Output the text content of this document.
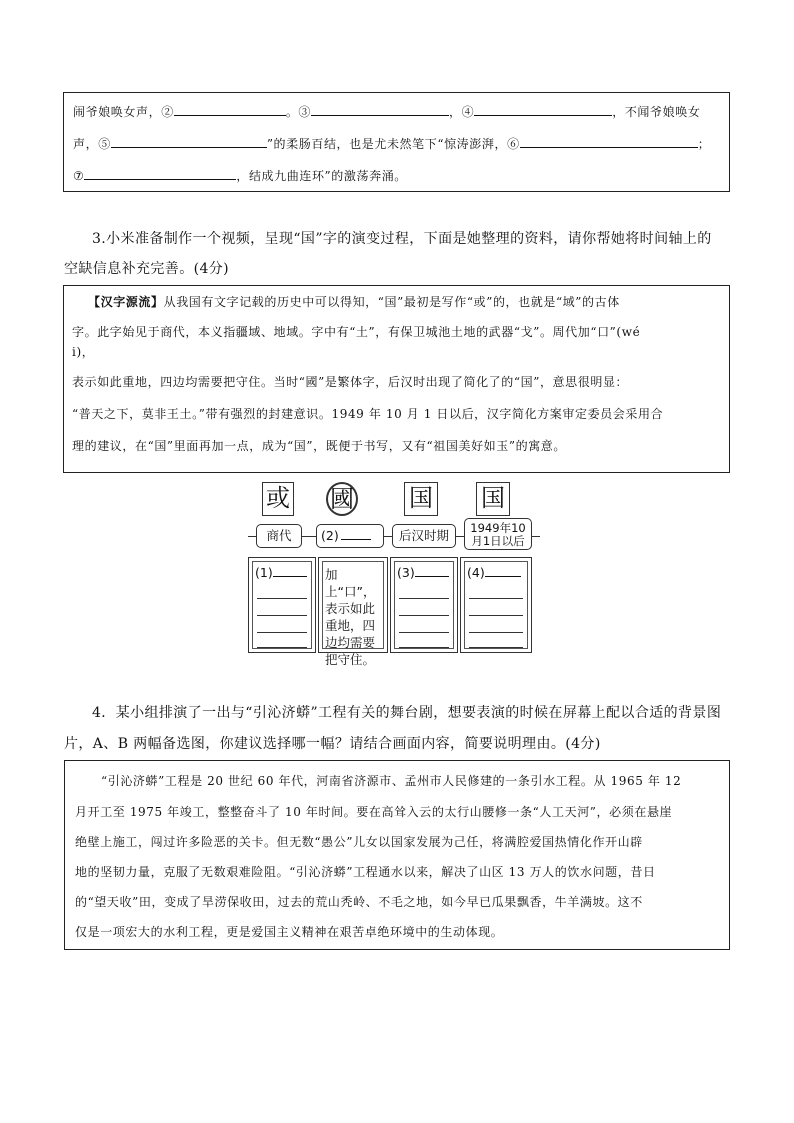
闹爷娘唤女声，②	。③	，④	，不闻爷娘唤女
声，⑤	”的柔肠百结，也是尤未然笔下“惊涛澎湃，⑥	；
⑦	，结成九曲连环”的激荡奔涌。
3.小米准备制作一个视频，呈现“国”字的演变过程，下面是她整理的资料，请你帮她将时间轴上的
空缺信息补充完善。(4分)
【汉字源流】从我国有文字记载的历史中可以得知，“国”最初是写作“或”的，也就是“域”的古体
字。此字始见于商代，本义指疆域、地域。字中有“土”，有保卫城池土地的武器“戈”。周代加“口”(wé
i)，
表示如此重地，四边均需要把守住。当时“國”是繁体字，后汉时出现了简化了的“国”，意思很明显：
“普天之下，莫非王土。”带有强烈的封建意识。1949 年 10 月 1 日以后，汉字简化方案审定委员会采用合
理的建议，在“国”里面再加一点，成为“国”，既便于书写，又有“祖国美好如玉”的寓意。
或 國 国 国
商代	(2)	后汉时期	1949年10
月1日以后
(1)	加上“口”，
表示如此
重地，四
边均需要
把守住。
(3)	(4)
4．某小组排演了一出与“引沁济蟒”工程有关的舞台剧，想要表演的时候在屏幕上配以合适的背景图
片，A、B 两幅备选图，你建议选择哪一幅？请结合画面内容，简要说明理由。(4分)
“引沁济蟒”工程是 20 世纪 60 年代，河南省济源市、孟州市人民修建的一条引水工程。从 1965 年 12
月开工至 1975 年竣工，整整奋斗了 10 年时间。要在高耸入云的太行山腰修一条“人工天河”，必须在悬崖
绝壁上施工，闯过许多险恶的关卡。但无数“愚公”儿女以国家发展为己任，将满腔爱国热情化作开山辟
地的坚韧力量，克服了无数艰难险阻。“引沁济蟒”工程通水以来，解决了山区 13 万人的饮水问题，昔日
的“望天收”田，变成了旱涝保收田，过去的荒山秃岭、不毛之地，如今早已瓜果飘香，牛羊满坡。这不
仅是一项宏大的水利工程，更是爱国主义精神在艰苦卓绝环境中的生动体现。
